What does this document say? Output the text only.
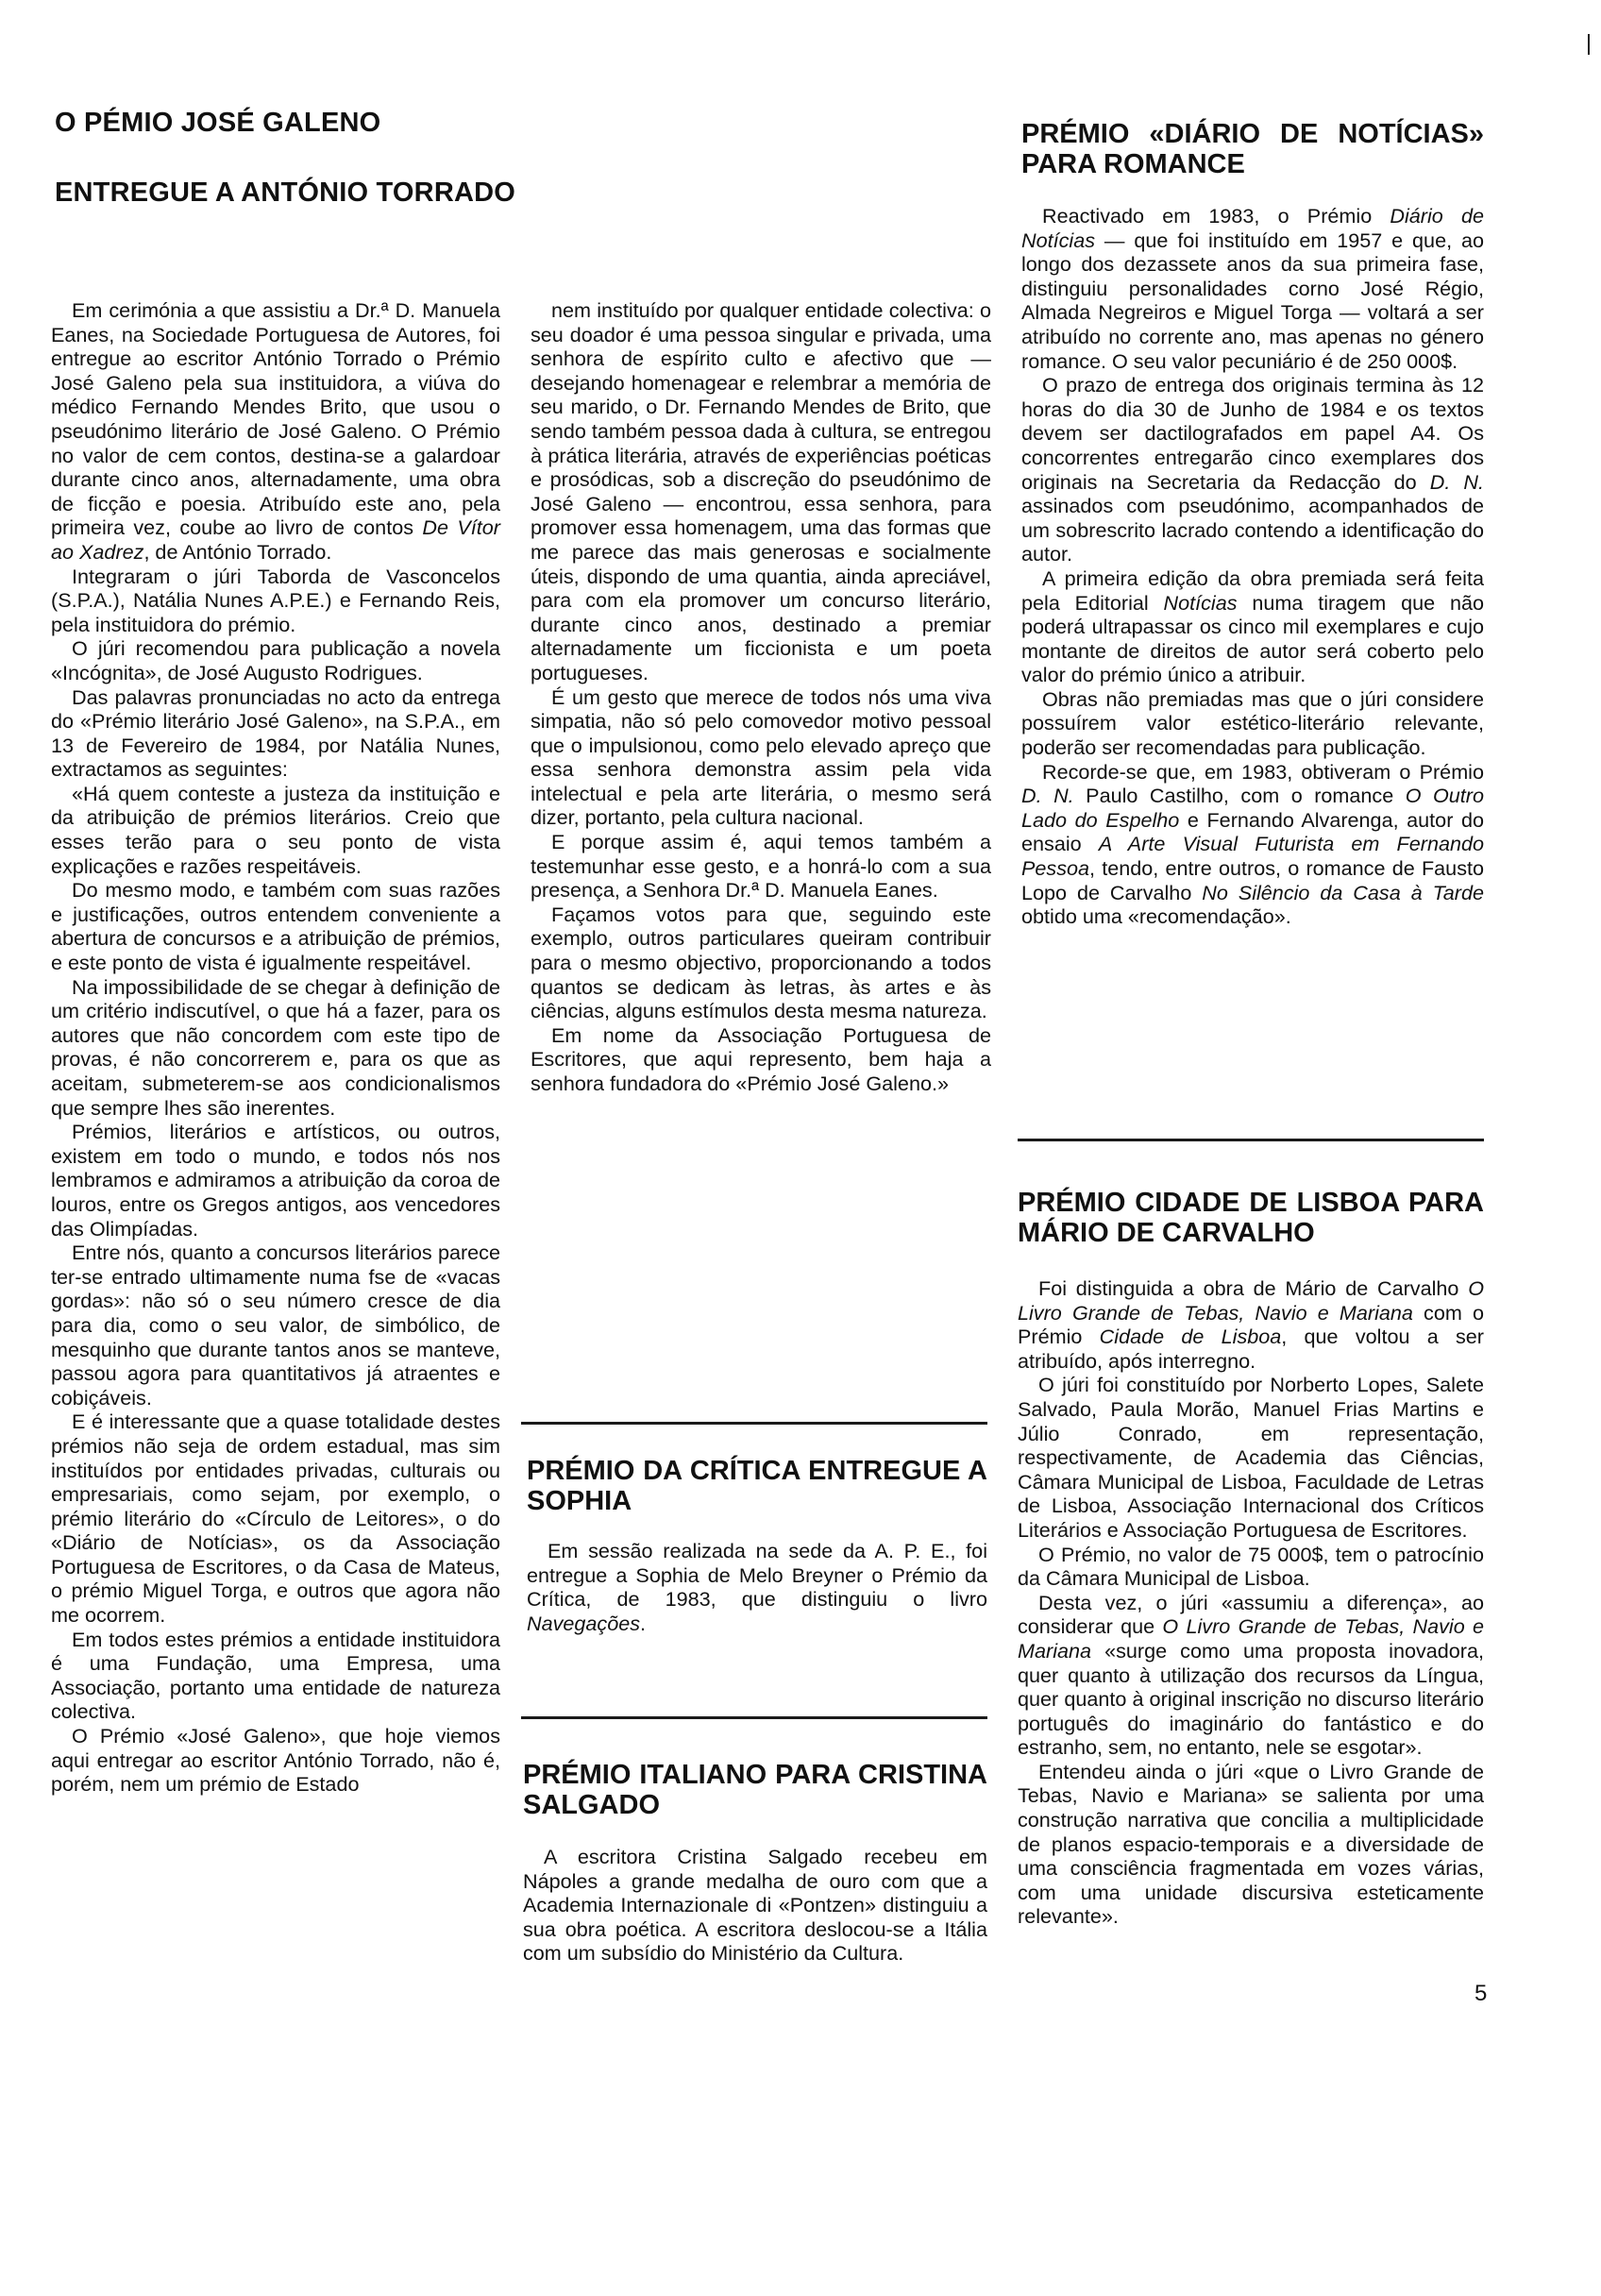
O PÉMIO JOSÉ GALENO
ENTREGUE A ANTÓNIO TORRADO

Em cerimónia a que assistiu a Dr.ª D. Manuela Eanes, na Sociedade Portuguesa de Autores, foi entregue ao escritor António Torrado o Prémio José Galeno pela sua instituidora, a viúva do médico Fernando Mendes Brito, que usou o pseudónimo literário de José Galeno. O Prémio no valor de cem contos, destina-se a galardoar durante cinco anos, alternadamente, uma obra de ficção e poesia. Atribuído este ano, pela primeira vez, coube ao livro de contos De Vítor ao Xadrez, de António Torrado.

Integraram o júri Taborda de Vasconcelos (S.P.A.), Natália Nunes A.P.E.) e Fernando Reis, pela instituidora do prémio.

O júri recomendou para publicação a novela «Incógnita», de José Augusto Rodrigues.

Das palavras pronunciadas no acto da entrega do «Prémio literário José Galeno», na S.P.A., em 13 de Fevereiro de 1984, por Natália Nunes, extractamos as seguintes:

«Há quem conteste a justeza da instituição e da atribuição de prémios literários. Creio que esses terão para o seu ponto de vista explicações e razões respeitáveis.

Do mesmo modo, e também com suas razões e justificações, outros entendem conveniente a abertura de concursos e a atribuição de prémios, e este ponto de vista é igualmente respeitável.

Na impossibilidade de se chegar à definição de um critério indiscutível, o que há a fazer, para os autores que não concordem com este tipo de provas, é não concorrerem e, para os que as aceitam, submeterem-se aos condicionalismos que sempre lhes são inerentes.

Prémios, literários e artísticos, ou outros, existem em todo o mundo, e todos nós nos lembramos e admiramos a atribuição da coroa de louros, entre os Gregos antigos, aos vencedores das Olimpíadas.

Entre nós, quanto a concursos literários parece ter-se entrado ultimamente numa fse de «vacas gordas»: não só o seu número cresce de dia para dia, como o seu valor, de simbólico, de mesquinho que durante tantos anos se manteve, passou agora para quantitativos já atraentes e cobiçáveis.

E é interessante que a quase totalidade destes prémios não seja de ordem estadual, mas sim instituídos por entidades privadas, culturais ou empresariais, como sejam, por exemplo, o prémio literário do «Círculo de Leitores», o do «Diário de Notícias», os da Associação Portuguesa de Escritores, o da Casa de Mateus, o prémio Miguel Torga, e outros que agora não me ocorrem.

Em todos estes prémios a entidade instituidora é uma Fundação, uma Empresa, uma Associação, portanto uma entidade de natureza colectiva.

O Prémio «José Galeno», que hoje viemos aqui entregar ao escritor António Torrado, não é, porém, nem um prémio de Estado

nem instituído por qualquer entidade colectiva: o seu doador é uma pessoa singular e privada, uma senhora de espírito culto e afectivo que — desejando homenagear e relembrar a memória de seu marido, o Dr. Fernando Mendes de Brito, que sendo também pessoa dada à cultura, se entregou à prática literária, através de experiências poéticas e prosódicas, sob a discreção do pseudónimo de José Galeno — encontrou, essa senhora, para promover essa homenagem, uma das formas que me parece das mais generosas e socialmente úteis, dispondo de uma quantia, ainda apreciável, para com ela promover um concurso literário, durante cinco anos, destinado a premiar alternadamente um ficcionista e um poeta portugueses.

É um gesto que merece de todos nós uma viva simpatia, não só pelo comovedor motivo pessoal que o impulsionou, como pelo elevado apreço que essa senhora demonstra assim pela vida intelectual e pela arte literária, o mesmo será dizer, portanto, pela cultura nacional.

E porque assim é, aqui temos também a testemunhar esse gesto, e a honrá-lo com a sua presença, a Senhora Dr.ª D. Manuela Eanes.

Façamos votos para que, seguindo este exemplo, outros particulares queiram contribuir para o mesmo objectivo, proporcionando a todos quantos se dedicam às letras, às artes e às ciências, alguns estímulos desta mesma natureza.

Em nome da Associação Portuguesa de Escritores, que aqui represento, bem haja a senhora fundadora do «Prémio José Galeno.»

PRÉMIO DA CRÍTICA ENTREGUE A SOPHIA

Em sessão realizada na sede da A. P. E., foi entregue a Sophia de Melo Breyner o Prémio da Crítica, de 1983, que distinguiu o livro Navegações.

PRÉMIO ITALIANO PARA CRISTINA SALGADO

A escritora Cristina Salgado recebeu em Nápoles a grande medalha de ouro com que a Academia Internazionale di «Pontzen» distinguiu a sua obra poética. A escritora deslocou-se a Itália com um subsídio do Ministério da Cultura.

PRÉMIO «DIÁRIO DE NOTÍCIAS» PARA ROMANCE

Reactivado em 1983, o Prémio Diário de Notícias — que foi instituído em 1957 e que, ao longo dos dezassete anos da sua primeira fase, distinguiu personalidades corno José Régio, Almada Negreiros e Miguel Torga — voltará a ser atribuído no corrente ano, mas apenas no género romance. O seu valor pecuniário é de 250 000$.

O prazo de entrega dos originais termina às 12 horas do dia 30 de Junho de 1984 e os textos devem ser dactilografados em papel A4. Os concorrentes entregarão cinco exemplares dos originais na Secretaria da Redacção do D. N. assinados com pseudónimo, acompanhados de um sobrescrito lacrado contendo a identificação do autor.

A primeira edição da obra premiada será feita pela Editorial Notícias numa tiragem que não poderá ultrapassar os cinco mil exemplares e cujo montante de direitos de autor será coberto pelo valor do prémio único a atribuir.

Obras não premiadas mas que o júri considere possuírem valor estético-literário relevante, poderão ser recomendadas para publicação.

Recorde-se que, em 1983, obtiveram o Prémio D. N. Paulo Castilho, com o romance O Outro Lado do Espelho e Fernando Alvarenga, autor do ensaio A Arte Visual Futurista em Fernando Pessoa, tendo, entre outros, o romance de Fausto Lopo de Carvalho No Silêncio da Casa à Tarde obtido uma «recomendação».

PRÉMIO CIDADE DE LISBOA PARA MÁRIO DE CARVALHO

Foi distinguida a obra de Mário de Carvalho O Livro Grande de Tebas, Navio e Mariana com o Prémio Cidade de Lisboa, que voltou a ser atribuído, após interregno.

O júri foi constituído por Norberto Lopes, Salete Salvado, Paula Morão, Manuel Frias Martins e Júlio Conrado, em representação, respectivamente, de Academia das Ciências, Câmara Municipal de Lisboa, Faculdade de Letras de Lisboa, Associação Internacional dos Críticos Literários e Associação Portuguesa de Escritores.

O Prémio, no valor de 75 000$, tem o patrocínio da Câmara Municipal de Lisboa.

Desta vez, o júri «assumiu a diferença», ao considerar que O Livro Grande de Tebas, Navio e Mariana «surge como uma proposta inovadora, quer quanto à utilização dos recursos da Língua, quer quanto à original inscrição no discurso literário português do imaginário do fantástico e do estranho, sem, no entanto, nele se esgotar».

Entendeu ainda o júri «que o Livro Grande de Tebas, Navio e Mariana» se salienta por uma construção narrativa que concilia a multiplicidade de planos espacio-temporais e a diversidade de uma consciência fragmentada em vozes várias, com uma unidade discursiva esteticamente relevante».

5
